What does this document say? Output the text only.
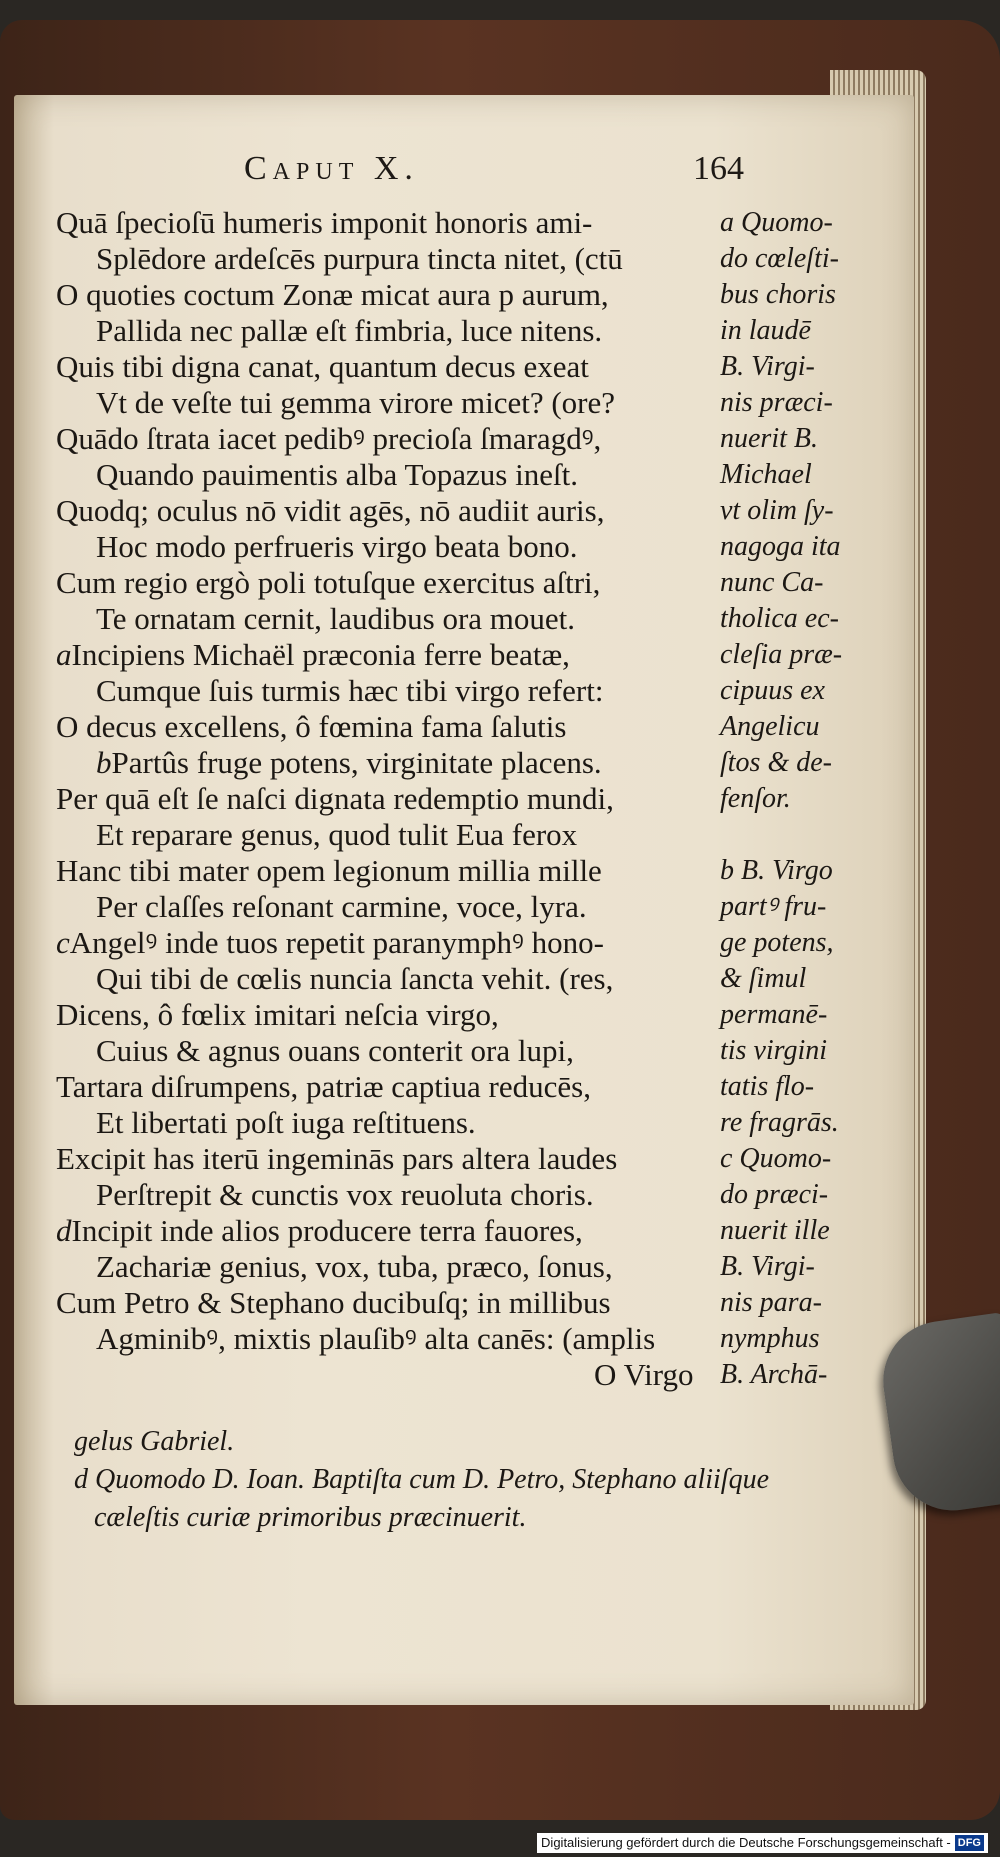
Caput X.	164
Quā ſpecioſū humeris imponit honoris ami-
Splēdore ardeſcēs purpura tincta nitet, (ctū
O quoties coctum Zonæ micat aura p aurum,
Pallida nec pallæ eſt fimbria, luce nitens.
Quis tibi digna canat, quantum decus exeat
Vt de veſte tui gemma virore micet? (ore?
Quādo ſtrata iacet pedibꝰ precioſa ſmaragdꝰ,
Quando pauimentis alba Topazus ineſt.
Quodq; oculus nō vidit agēs, nō audiit auris,
Hoc modo perfrueris virgo beata bono.
Cum regio ergò poli totuſque exercitus aſtri,
Te ornatam cernit, laudibus ora mouet.
aIncipiens Michaël præconia ferre beatæ,
Cumque ſuis turmis hæc tibi virgo refert:
O decus excellens, ô fœmina fama ſalutis
bPartûs fruge potens, virginitate placens.
Per quā eſt ſe naſci dignata redemptio mundi,
Et reparare genus, quod tulit Eua ferox
Hanc tibi mater opem legionum millia mille
Per claſſes reſonant carmine, voce, lyra.
cAngelꝰ inde tuos repetit paranymphꝰ hono-
Qui tibi de cœlis nuncia ſancta vehit. (res,
Dicens, ô fœlix imitari neſcia virgo,
Cuius & agnus ouans conterit ora lupi,
Tartara diſrumpens, patriæ captiua reducēs,
Et libertati poſt iuga reſtituens.
Excipit has iterū ingeminās pars altera laudes
Perſtrepit & cunctis vox reuoluta choris.
dIncipit inde alios producere terra fauores,
Zachariæ genius, vox, tuba, præco, ſonus,
Cum Petro & Stephano ducibuſq; in millibus
Agminibꝰ, mixtis plauſibꝰ alta canēs: (amplis
O Virgo
a Quomo-
do cœleſti-
bus choris
in laudē
B. Virgi-
nis præci-
nuerit B.
Michael
vt olim ſy-
nagoga ita
nunc Ca-
tholica ec-
cleſia præ-
cipuus ex
Angelicu
ſtos & de-
fenſor.
b B. Virgo
partꝰ fru-
ge potens,
& ſimul
permanē-
tis virgini
tatis flo-
re fragrās.
c Quomo-
do præci-
nuerit ille
B. Virgi-
nis para-
nymphus
B. Archā-
gelus Gabriel.
d Quomodo D. Ioan. Baptiſta cum D. Petro, Stephano aliiſque
cæleſtis curiæ primoribus præcinuerit.
Digitalisierung gefördert durch die Deutsche Forschungsgemeinschaft - DFG
